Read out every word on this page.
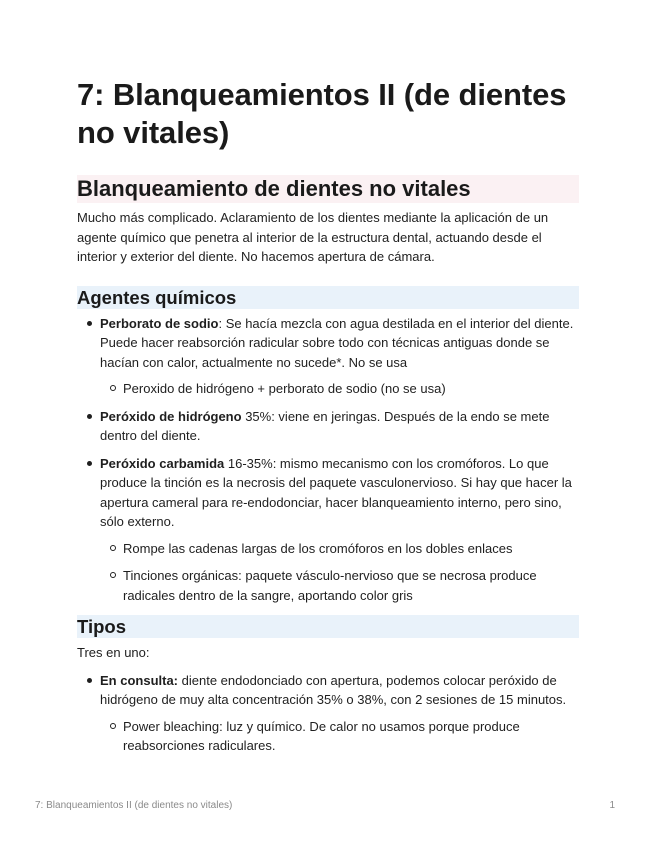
7: Blanqueamientos II (de dientes no vitales)
Blanqueamiento de dientes no vitales

Mucho más complicado. Aclaramiento de los dientes mediante la aplicación de un agente químico que penetra al interior de la estructura dental, actuando desde el interior y exterior del diente. No hacemos apertura de cámara.

Agentes químicos
Perborato de sodio: Se hacía mezcla con agua destilada en el interior del diente. Puede hacer reabsorción radicular sobre todo con técnicas antiguas donde se hacían con calor, actualmente no sucede*. No se usa
Peroxido de hidrógeno + perborato de sodio (no se usa)
Peróxido de hidrógeno 35%: viene en jeringas. Después de la endo se mete dentro del diente.
Peróxido carbamida 16-35%: mismo mecanismo con los cromóforos. Lo que produce la tinción es la necrosis del paquete vasculonervioso. Si hay que hacer la apertura cameral para re-endodonciar, hacer blanqueamiento interno, pero sino, sólo externo.
Rompe las cadenas largas de los cromóforos en los dobles enlaces
Tinciones orgánicas: paquete vásculo-nervioso que se necrosa produce radicales dentro de la sangre, aportando color gris
Tipos

Tres en uno:

En consulta: diente endodonciado con apertura, podemos colocar peróxido de hidrógeno de muy alta concentración 35% o 38%, con 2 sesiones de 15 minutos.
Power bleaching: luz y químico. De calor no usamos porque produce reabsorciones radiculares.
7: Blanqueamientos II (de dientes no vitales)	1
